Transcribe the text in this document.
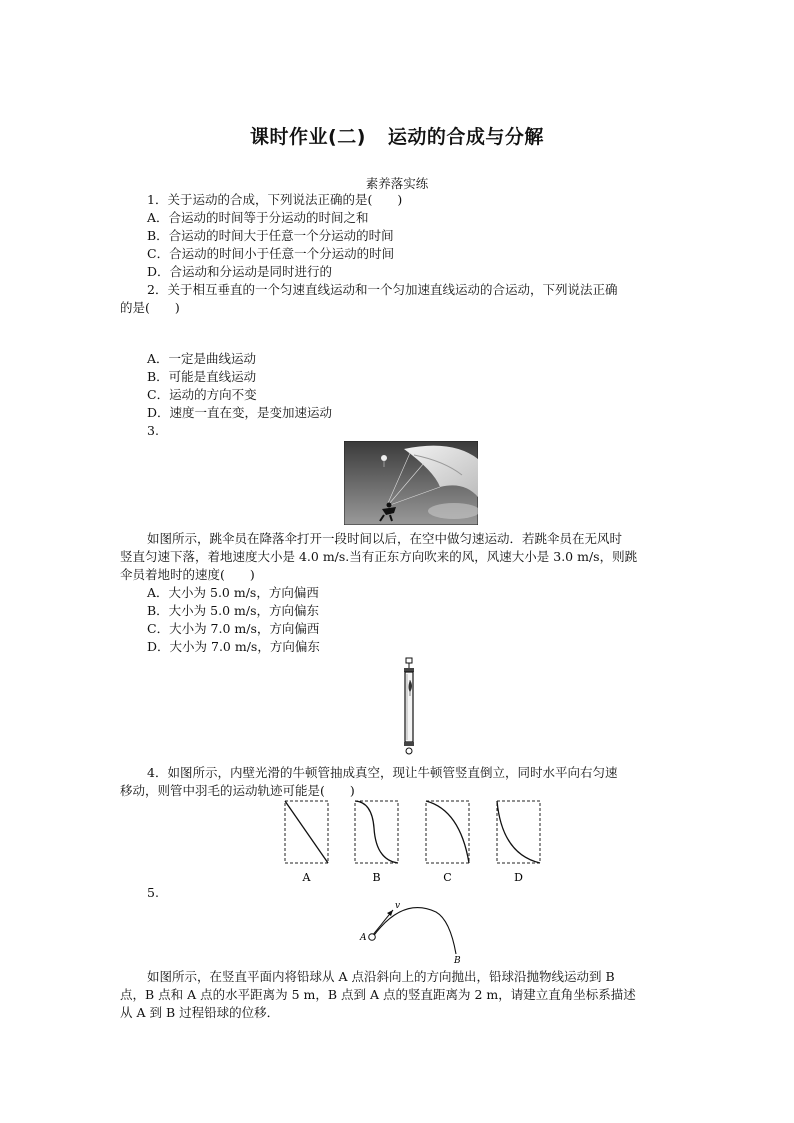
课时作业(二) 运动的合成与分解
素养落实练
1．关于运动的合成，下列说法正确的是(　　)
A．合运动的时间等于分运动的时间之和
B．合运动的时间大于任意一个分运动的时间
C．合运动的时间小于任意一个分运动的时间
D．合运动和分运动是同时进行的
2．关于相互垂直的一个匀速直线运动和一个匀加速直线运动的合运动，下列说法正确
的是(　　)
A．一定是曲线运动
B．可能是直线运动
C．运动的方向不变
D．速度一直在变，是变加速运动
3.
如图所示，跳伞员在降落伞打开一段时间以后，在空中做匀速运动．若跳伞员在无风时
竖直匀速下落，着地速度大小是 4.0 m/s.当有正东方向吹来的风，风速大小是 3.0 m/s，则跳
伞员着地时的速度(　　)
A．大小为 5.0 m/s，方向偏西
B．大小为 5.0 m/s，方向偏东
C．大小为 7.0 m/s，方向偏西
D．大小为 7.0 m/s，方向偏东
4．如图所示，内壁光滑的牛顿管抽成真空，现让牛顿管竖直倒立，同时水平向右匀速
移动，则管中羽毛的运动轨迹可能是(　　)
A	B	C	D
5.
A
v
B
如图所示，在竖直平面内将铅球从 A 点沿斜向上的方向抛出，铅球沿抛物线运动到 B
点，B 点和 A 点的水平距离为 5 m，B 点到 A 点的竖直距离为 2 m，请建立直角坐标系描述
从 A 到 B 过程铅球的位移．
